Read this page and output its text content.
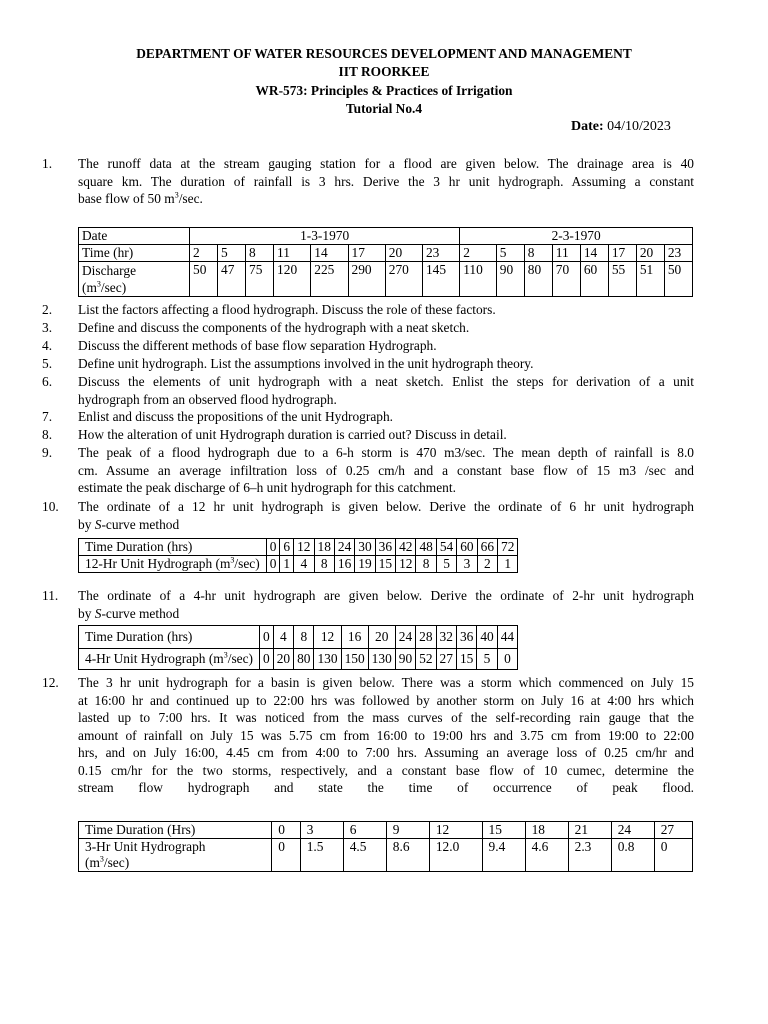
DEPARTMENT OF WATER RESOURCES DEVELOPMENT AND MANAGEMENT
IIT ROORKEE
WR-573: Principles & Practices of Irrigation
Tutorial No.4
Date: 04/10/2023
1.	The runoff data at the stream gauging station for a flood are given below. The drainage area is 40
square km. The duration of rainfall is 3 hrs. Derive the 3 hr unit hydrograph. Assuming a constant
base flow of 50 $m^3/\sec$.
Date	1-3-1970								2-3-1970							
Time (hr)	2	5	8	11	14	17	20	23	2	5	8	11	14	17	20	23
Discharge
$(m^3/\sec)$	50	47	75	120	225	290	270	145	110	90	80	70	60	55	51	50
2.	List the factors affecting a flood hydrograph. Discuss the role of these factors.
3.	Define and discuss the components of the hydrograph with a neat sketch.
4.	Discuss the different methods of base flow separation Hydrograph.
5.	Define unit hydrograph. List the assumptions involved in the unit hydrograph theory.
6.	Discuss the elements of unit hydrograph with a neat sketch. Enlist the steps for derivation of a unit
hydrograph from an observed flood hydrograph.
7.	Enlist and discuss the propositions of the unit Hydrograph.
8.	How the alteration of unit Hydrograph duration is carried out? Discuss in detail.
9.	The peak of a flood hydrograph due to a 6-h storm is 470 m3/sec. The mean depth of rainfall is 8.0
cm. Assume an average infiltration loss of 0.25 cm/h and a constant base flow of 15 m3 /sec and
estimate the peak discharge of 6–h unit hydrograph for this catchment.
10.	The ordinate of a 12 hr unit hydrograph is given below. Derive the ordinate of 6 hr unit hydrograph
by S-curve method
Time Duration (hrs)	0	6	12	18	24	30	36	42	48	54	60	66	72
12-Hr Unit Hydrograph $(m^3/\sec)$	0	1	4	8	16	19	15	12	8	5	3	2	1
11.	The ordinate of a 4-hr unit hydrograph are given below. Derive the ordinate of 2-hr unit hydrograph
by S-curve method
Time Duration (hrs)	0	4	8	12	16	20	24	28	32	36	40	44
4-Hr Unit Hydrograph $(m^3/\sec)$	0	20	80	130	150	130	90	52	27	15	5	0
12.	The 3 hr unit hydrograph for a basin is given below. There was a storm which commenced on July 15
at 16:00 hr and continued up to 22:00 hrs was followed by another storm on July 16 at 4:00 hrs which
lasted up to 7:00 hrs. It was noticed from the mass curves of the self-recording rain gauge that the
amount of rainfall on July 15 was 5.75 cm from 16:00 to 19:00 hrs and 3.75 cm from 19:00 to 22:00
hrs, and on July 16:00, 4.45 cm from 4:00 to 7:00 hrs. Assuming an average loss of 0.25 cm/hr and
0.15 cm/hr for the two storms, respectively, and a constant base flow of 10 cumec, determine the
stream flow hydrograph and state the time of occurrence of peak flood.
Time Duration (Hrs)	0	3	6	9	12	15	18	21	24	27
3-Hr Unit Hydrograph
$(m^3/\sec)$	0	1.5	4.5	8.6	12.0	9.4	4.6	2.3	0.8	0
